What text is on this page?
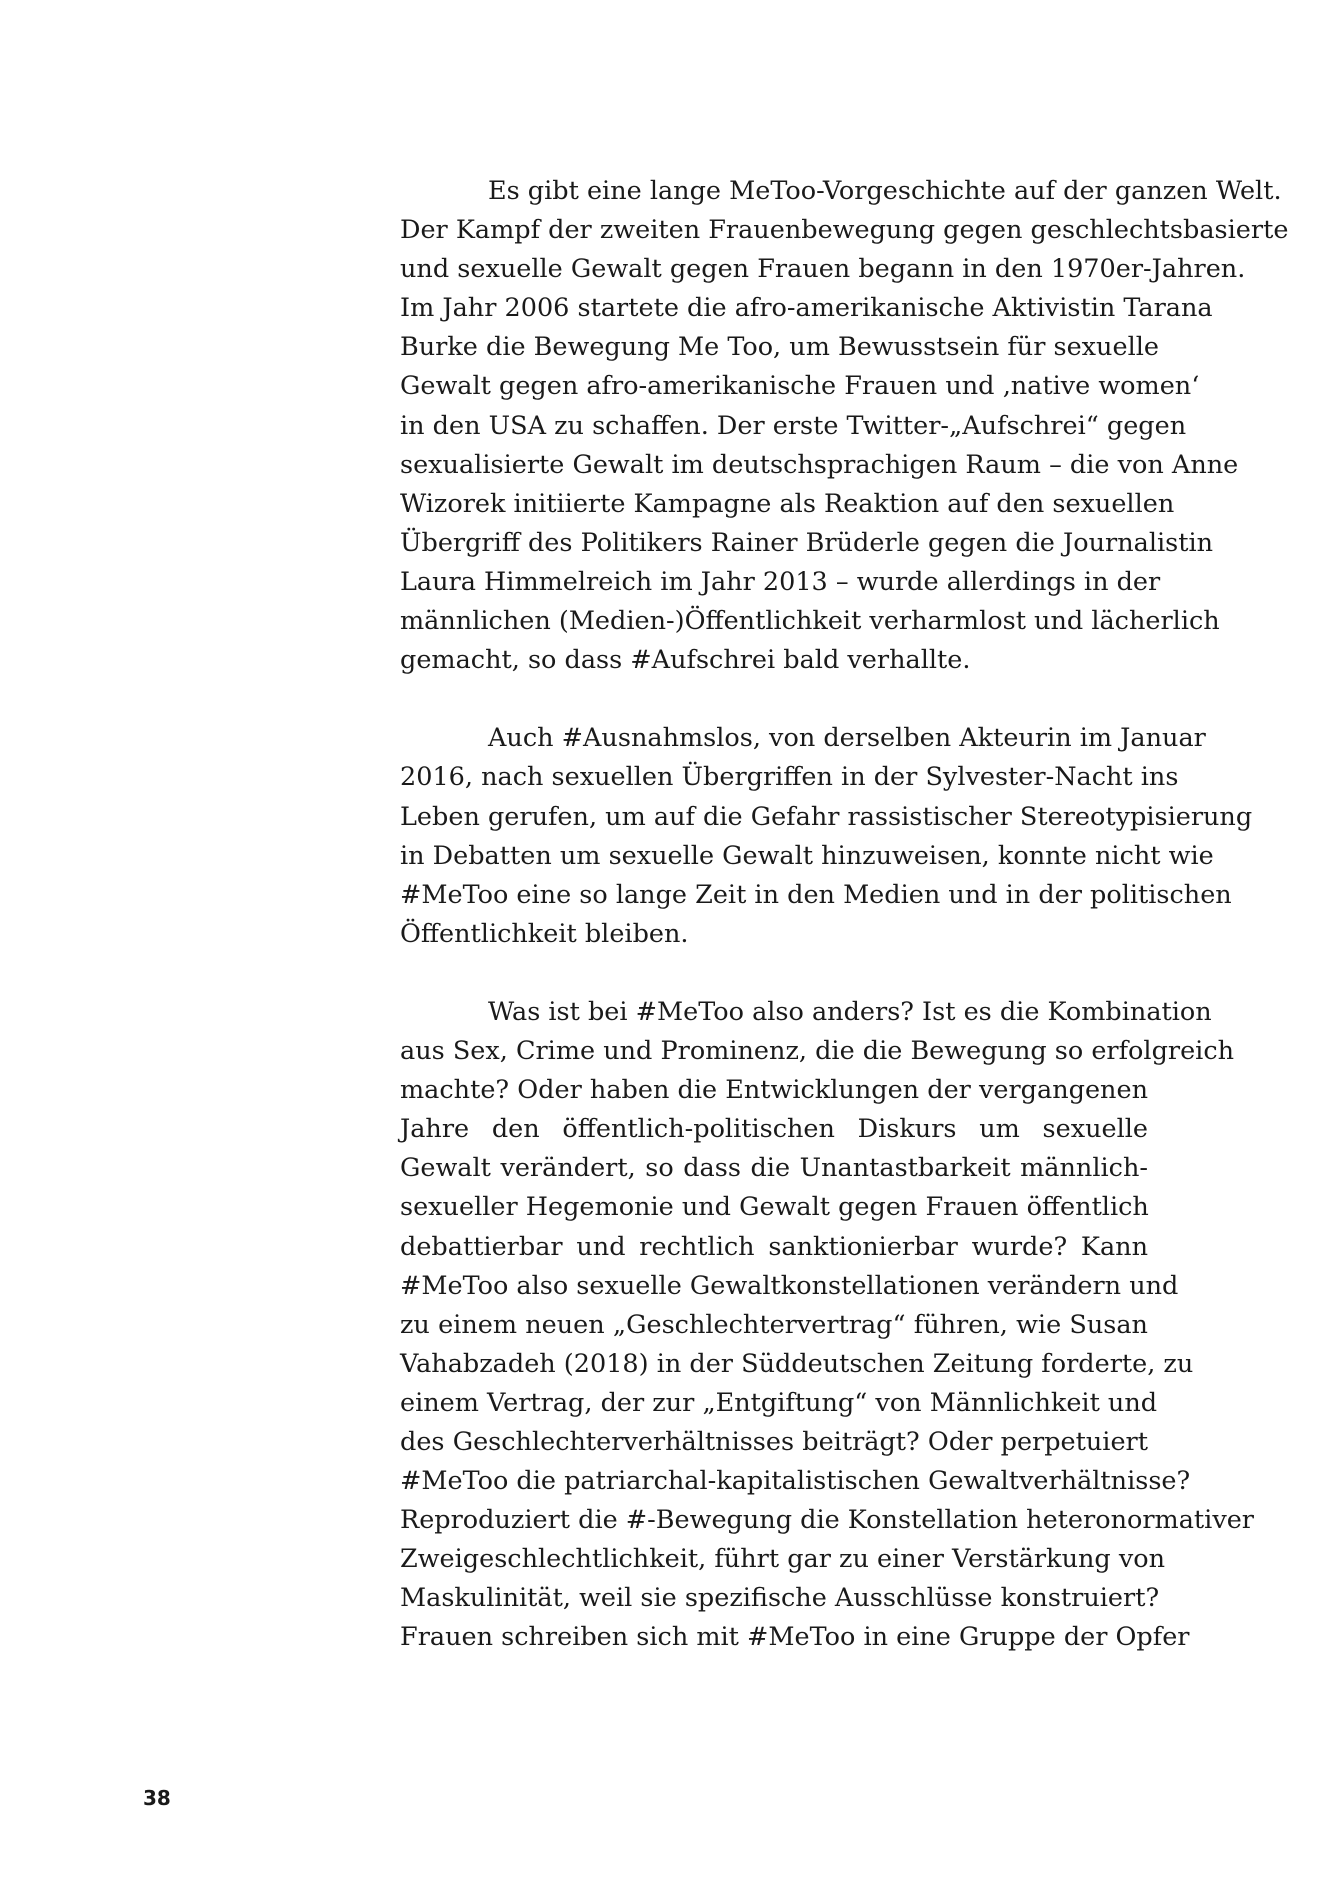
Es gibt eine lange MeToo-Vorgeschichte auf der ganzen Welt.
Der Kampf der zweiten Frauenbewegung gegen geschlechtsbasierte
und sexuelle Gewalt gegen Frauen begann in den 1970er-Jahren.
Im Jahr 2006 startete die afro-amerikanische Aktivistin Tarana
Burke die Bewegung Me Too, um Bewusstsein für sexuelle
Gewalt gegen afro-amerikanische Frauen und ‚native women‘
in den USA zu schaffen. Der erste Twitter-„Aufschrei“ gegen
sexualisierte Gewalt im deutschsprachigen Raum – die von Anne
Wizorek initiierte Kampagne als Reaktion auf den sexuellen
Übergriff des Politikers Rainer Brüderle gegen die Journalistin
Laura Himmelreich im Jahr 2013 – wurde allerdings in der
männlichen (Medien-)Öffentlichkeit verharmlost und lächerlich
gemacht, so dass #Aufschrei bald verhallte.
Auch #Ausnahmslos, von derselben Akteurin im Januar
2016, nach sexuellen Übergriffen in der Sylvester-Nacht ins
Leben gerufen, um auf die Gefahr rassistischer Stereotypisierung
in Debatten um sexuelle Gewalt hinzuweisen, konnte nicht wie
#MeToo eine so lange Zeit in den Medien und in der politischen
Öffentlichkeit bleiben.
Was ist bei #MeToo also anders? Ist es die Kombination
aus Sex, Crime und Prominenz, die die Bewegung so erfolgreich
machte? Oder haben die Entwicklungen der vergangenen
Jahre den öffentlich-politischen Diskurs um sexuelle
Gewalt verändert, so dass die Unantastbarkeit männlich-
sexueller Hegemonie und Gewalt gegen Frauen öffentlich
debattierbar und rechtlich sanktionierbar wurde? Kann
#MeToo also sexuelle Gewaltkonstellationen verändern und
zu einem neuen „Geschlechtervertrag“ führen, wie Susan
Vahabzadeh (2018) in der Süddeutschen Zeitung forderte, zu
einem Vertrag, der zur „Entgiftung“ von Männlichkeit und
des Geschlechterverhältnisses beiträgt? Oder perpetuiert
#MeToo die patriarchal-kapitalistischen Gewaltverhältnisse?
Reproduziert die #-Bewegung die Konstellation heteronormativer
Zweigeschlechtlichkeit, führt gar zu einer Verstärkung von
Maskulinität, weil sie spezifische Ausschlüsse konstruiert?
Frauen schreiben sich mit #MeToo in eine Gruppe der Opfer
38
